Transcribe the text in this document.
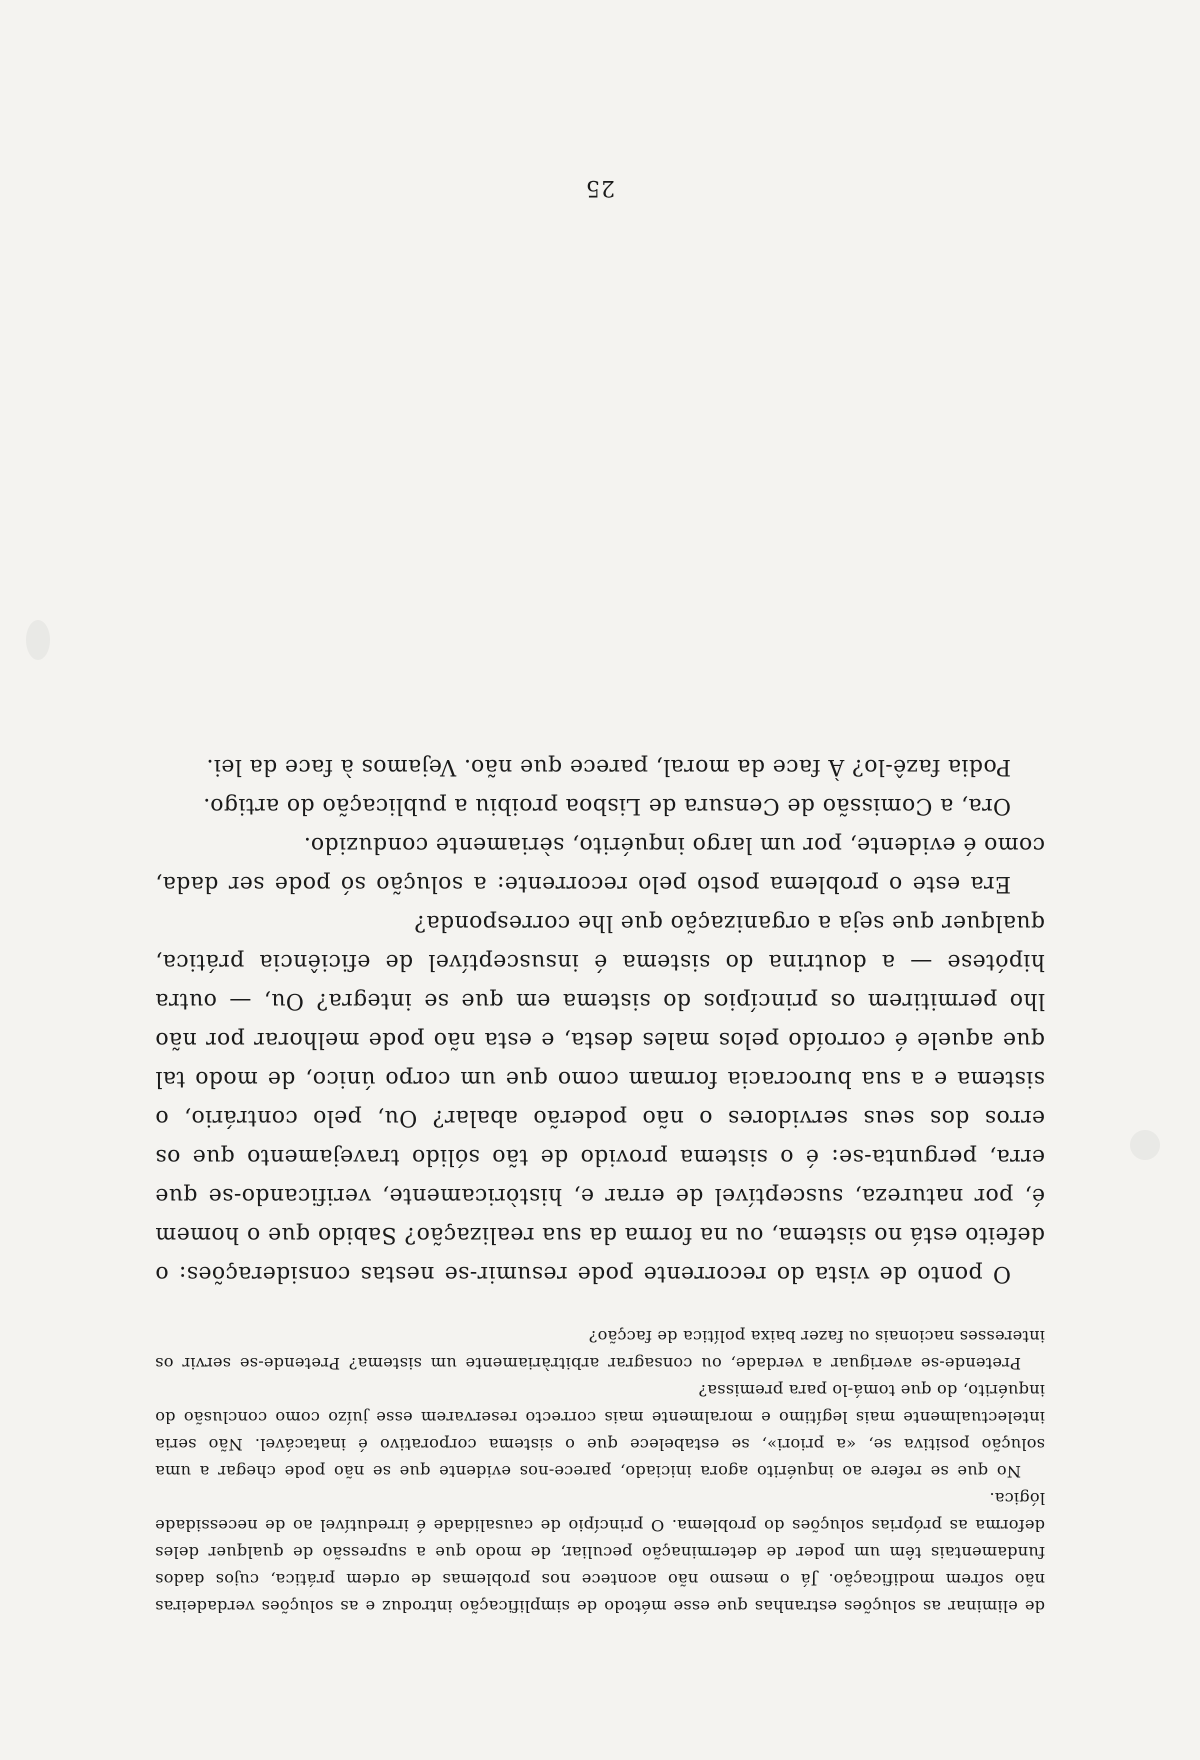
de eliminar as soluções estranhas que esse método de simplificação introduz e as soluções verdadeiras não sofrem modificação. Já o mesmo não acontece nos problemas de ordem prática, cujos dados fundamentais têm um poder de determinação peculiar, de modo que a supressão de qualquer deles deforma as próprias soluções do problema. O princípio de causalidade é irredutível ao de necessidade lógica.

No que se refere ao inquérito agora iniciado, parece-nos evidente que se não pode chegar a uma solução positiva se, «a priori», se estabelece que o sistema corporativo é inatacável. Não seria intelectualmente mais legítimo e moralmente mais correcto reservarem esse juízo como conclusão do inquérito, do que tomá-lo para premissa?

Pretende-se averiguar a verdade, ou consagrar arbitràriamente um sistema? Pretende-se servir os interesses nacionais ou fazer baixa política de facção?

O ponto de vista do recorrente pode resumir-se nestas considerações: o defeito está no sistema, ou na forma da sua realização? Sabido que o homem é, por natureza, susceptível de errar e, històricamente, verificando-se que erra, pergunta-se: é o sistema provido de tão sólido travejamento que os erros dos seus servidores o não poderão abalar? Ou, pelo contrário, o sistema e a sua burocracia formam como que um corpo único, de modo tal que aquele é corroído pelos males desta, e esta não pode melhorar por não lho permitirem os princípios do sistema em que se integra? Ou, — outra hipótese — a doutrina do sistema é insusceptível de eficiência prática, qualquer que seja a organização que lhe corresponda?

Era este o problema posto pelo recorrente: a solução só pode ser dada, como é evidente, por um largo inquérito, sèriamente conduzido.

Ora, a Comissão de Censura de Lisboa proibiu a publicação do artigo.

Podia fazê-lo? À face da moral, parece que não. Vejamos à face da lei.

25
